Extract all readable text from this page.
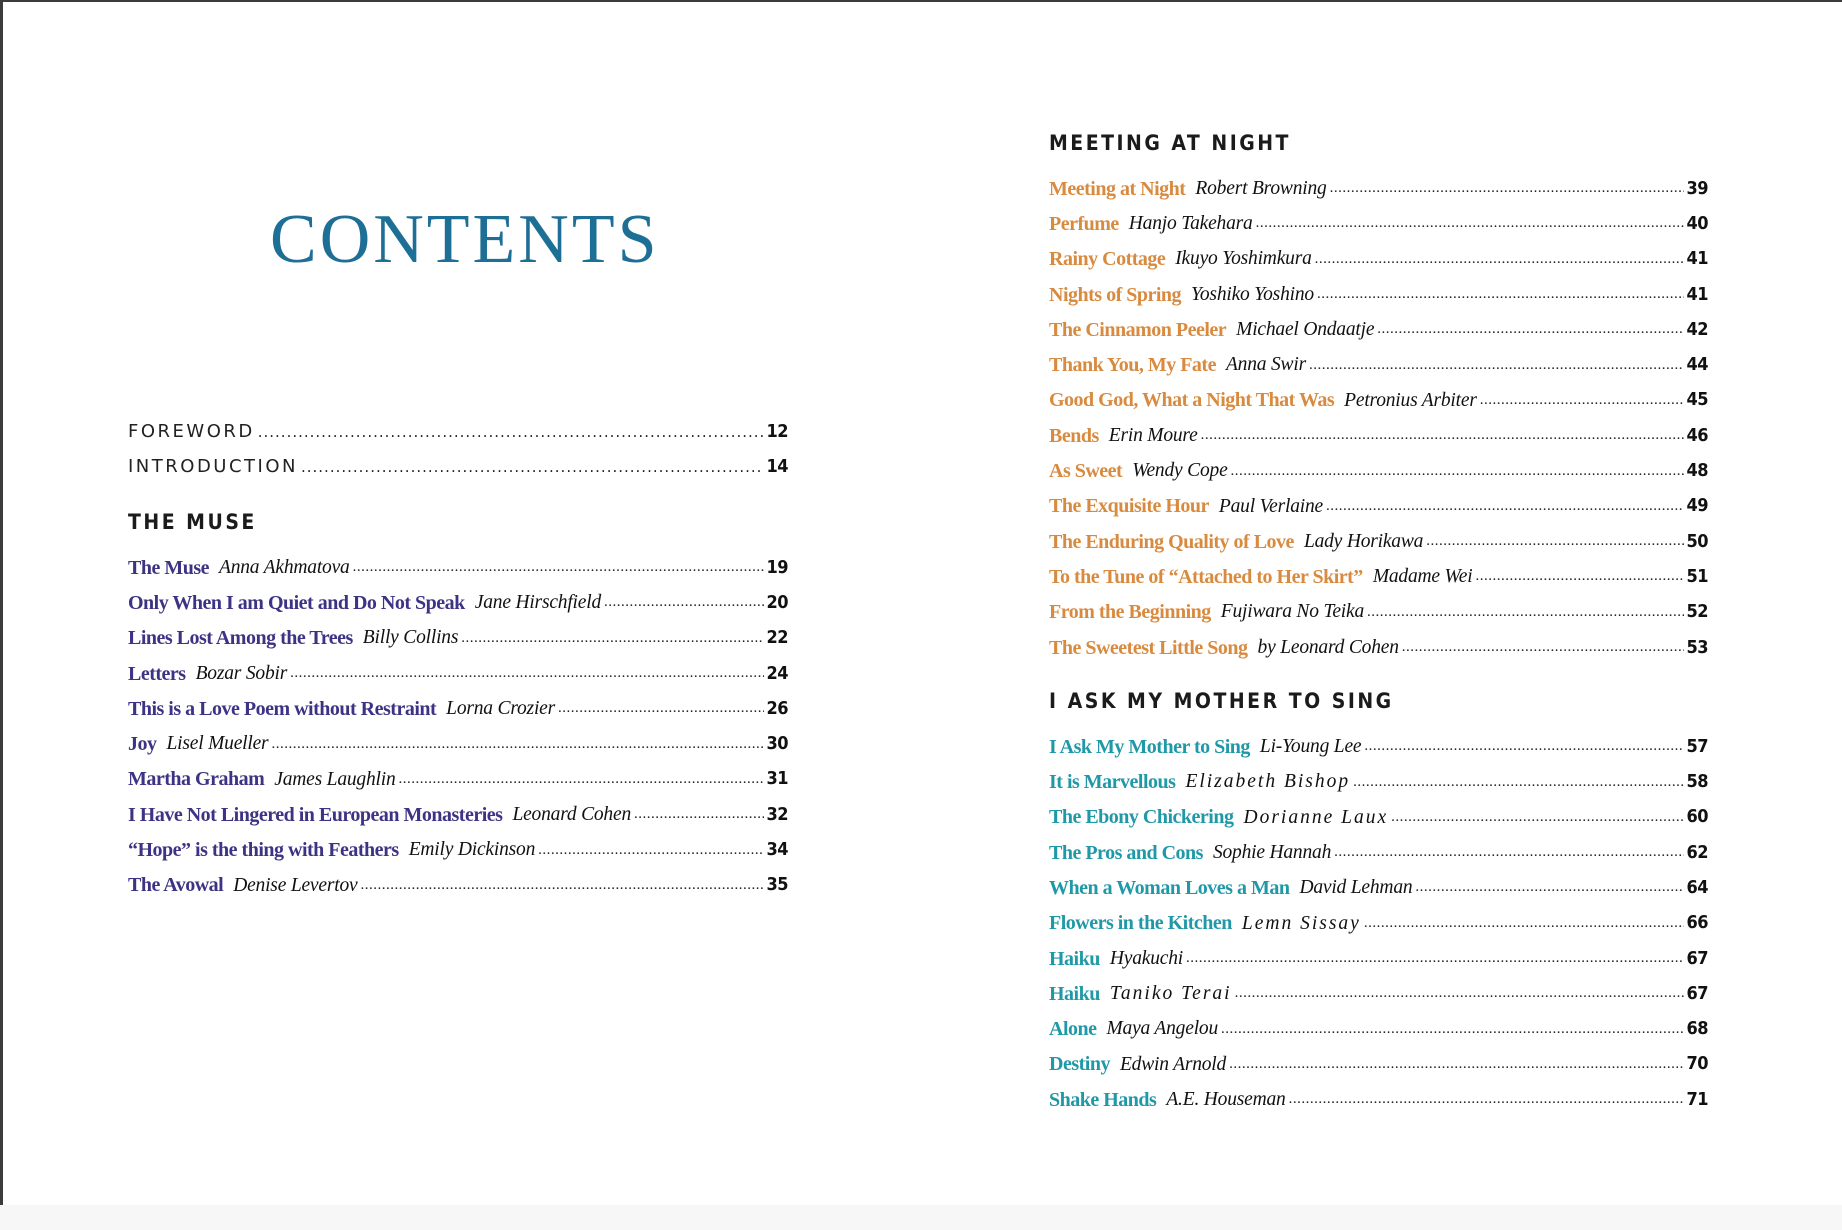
CONTENTS
FOREWORD .....	12
INTRODUCTION .....	14
THE MUSE
The Muse Anna Akhmatova .....	19
Only When I am Quiet and Do Not Speak Jane Hirschfield .....	20
Lines Lost Among the Trees Billy Collins .....	22
Letters Bozar Sobir .....	24
This is a Love Poem without Restraint Lorna Crozier .....	26
Joy Lisel Mueller .....	30
Martha Graham James Laughlin .....	31
I Have Not Lingered in European Monasteries Leonard Cohen .....	32
“Hope” is the thing with Feathers Emily Dickinson .....	34
The Avowal Denise Levertov .....	35
MEETING AT NIGHT
Meeting at Night Robert Browning .....	39
Perfume Hanjo Takehara .....	40
Rainy Cottage Ikuyo Yoshimkura .....	41
Nights of Spring Yoshiko Yoshino .....	41
The Cinnamon Peeler Michael Ondaatje .....	42
Thank You, My Fate Anna Swir .....	44
Good God, What a Night That Was Petronius Arbiter .....	45
Bends Erin Moure .....	46
As Sweet Wendy Cope .....	48
The Exquisite Hour Paul Verlaine .....	49
The Enduring Quality of Love Lady Horikawa .....	50
To the Tune of “Attached to Her Skirt” Madame Wei .....	51
From the Beginning Fujiwara No Teika .....	52
The Sweetest Little Song by Leonard Cohen .....	53
I ASK MY MOTHER TO SING
I Ask My Mother to Sing Li-Young Lee .....	57
It is Marvellous Elizabeth Bishop .....	58
The Ebony Chickering Dorianne Laux .....	60
The Pros and Cons Sophie Hannah .....	62
When a Woman Loves a Man David Lehman .....	64
Flowers in the Kitchen Lemn Sissay .....	66
Haiku Hyakuchi .....	67
Haiku Taniko Terai .....	67
Alone Maya Angelou .....	68
Destiny Edwin Arnold .....	70
Shake Hands A.E. Houseman .....	71
